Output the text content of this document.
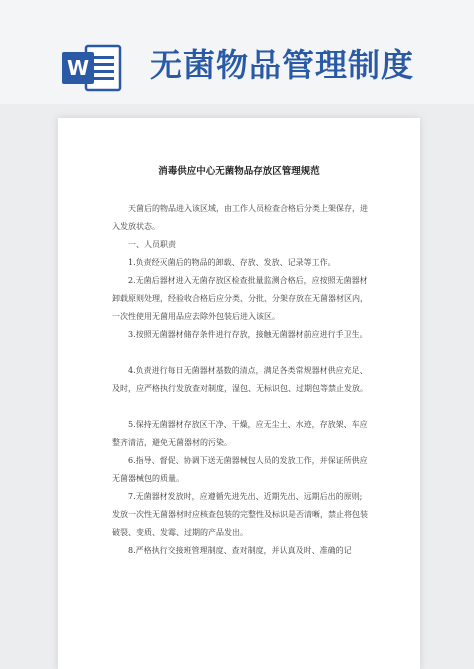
W 无菌物品管理制度
消毒供应中心无菌物品存放区管理规范
天菌后的物品进入该区域，由工作人员检查合格后分类上架保存，进入发放状态。
一、人员职责
1.负责经灭菌后的物品的卸载、存放、发放、记录等工作。
2.无菌后器材进入无菌存放区检查批量监测合格后，应按照无菌器材卸载原则处理，经验收合格后应分类、分批、分架存放在无菌器材区内，一次性使用无菌用品应去除外包装后进入该区。
3.按照无菌器材储存条件进行存放，接触无菌器材前应进行手卫生。
4.负责进行每日无菌器材基数的清点，满足各类常规器材供应充足、及时，应严格执行发放查对制度，湿包、无标识包、过期包等禁止发放。
5.保持无菌器材存放区干净、干燥，应无尘土、水迹，存放架、车应整齐清洁，避免无菌器材的污染。
6.指导、督促、协调下送无菌器械包人员的发放工作，并保证所供应无菌器械包的质量。
7.无菌器材发放时，应遵循先进先出、近期先出、远期后出的原则;发放一次性无菌器材时应核查包装的完整性及标识是否清晰，禁止将包装破裂、变质、发霉、过期的产品发出。
8.严格执行交接班管理制度、查对制度，并认真及时、准确的记
